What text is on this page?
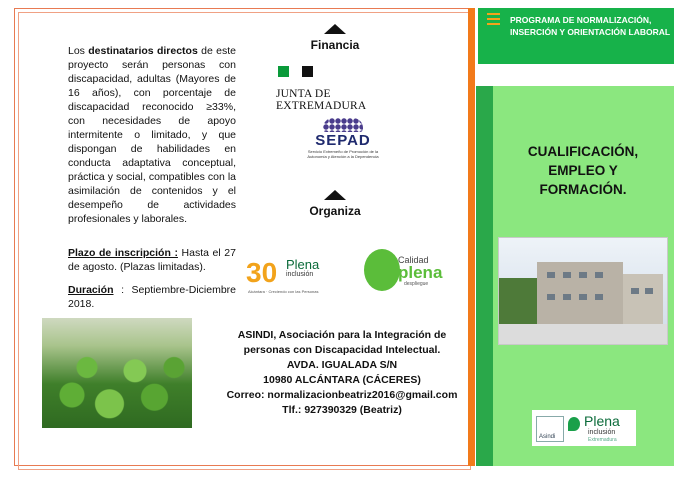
Los destinatarios directos de este proyecto serán personas con discapacidad, adultas (Mayores de 16 años), con porcentaje de discapacidad reconocido ≥33%, con necesidades de apoyo intermitente o limitado, y que dispongan de habilidades en conducta adaptativa conceptual, práctica y social, compatibles con la asimilación de contenidos y el desempeño de actividades profesionales y laborales.

Plazo de inscripción : Hasta el 27 de agosto. (Plazas limitadas).

Duración : Septiembre-Diciembre 2018.

Financia
JUNTA DE EXTREMADURA
SEPAD
Servicio Extremeño de Promoción de la Autonomía y Atención a la Dependencia
Organiza
30 Plena
inclusión
Alcántara · Creciendo con las Personas
Calidad
plena
despliegue
ASINDI, Asociación para la Integración de personas con Discapacidad Intelectual.
AVDA. IGUALADA S/N
10980 ALCÁNTARA (CÁCERES)
Correo: normalizacionbeatriz2016@gmail.com
Tlf.: 927390329 (Beatriz)
PROGRAMA DE NORMALIZACIÓN, INSERCIÓN Y ORIENTACIÓN LABORAL
CUALIFICACIÓN,
EMPLEO Y
FORMACIÓN.
Asindi
Plena
inclusión
Extremadura
